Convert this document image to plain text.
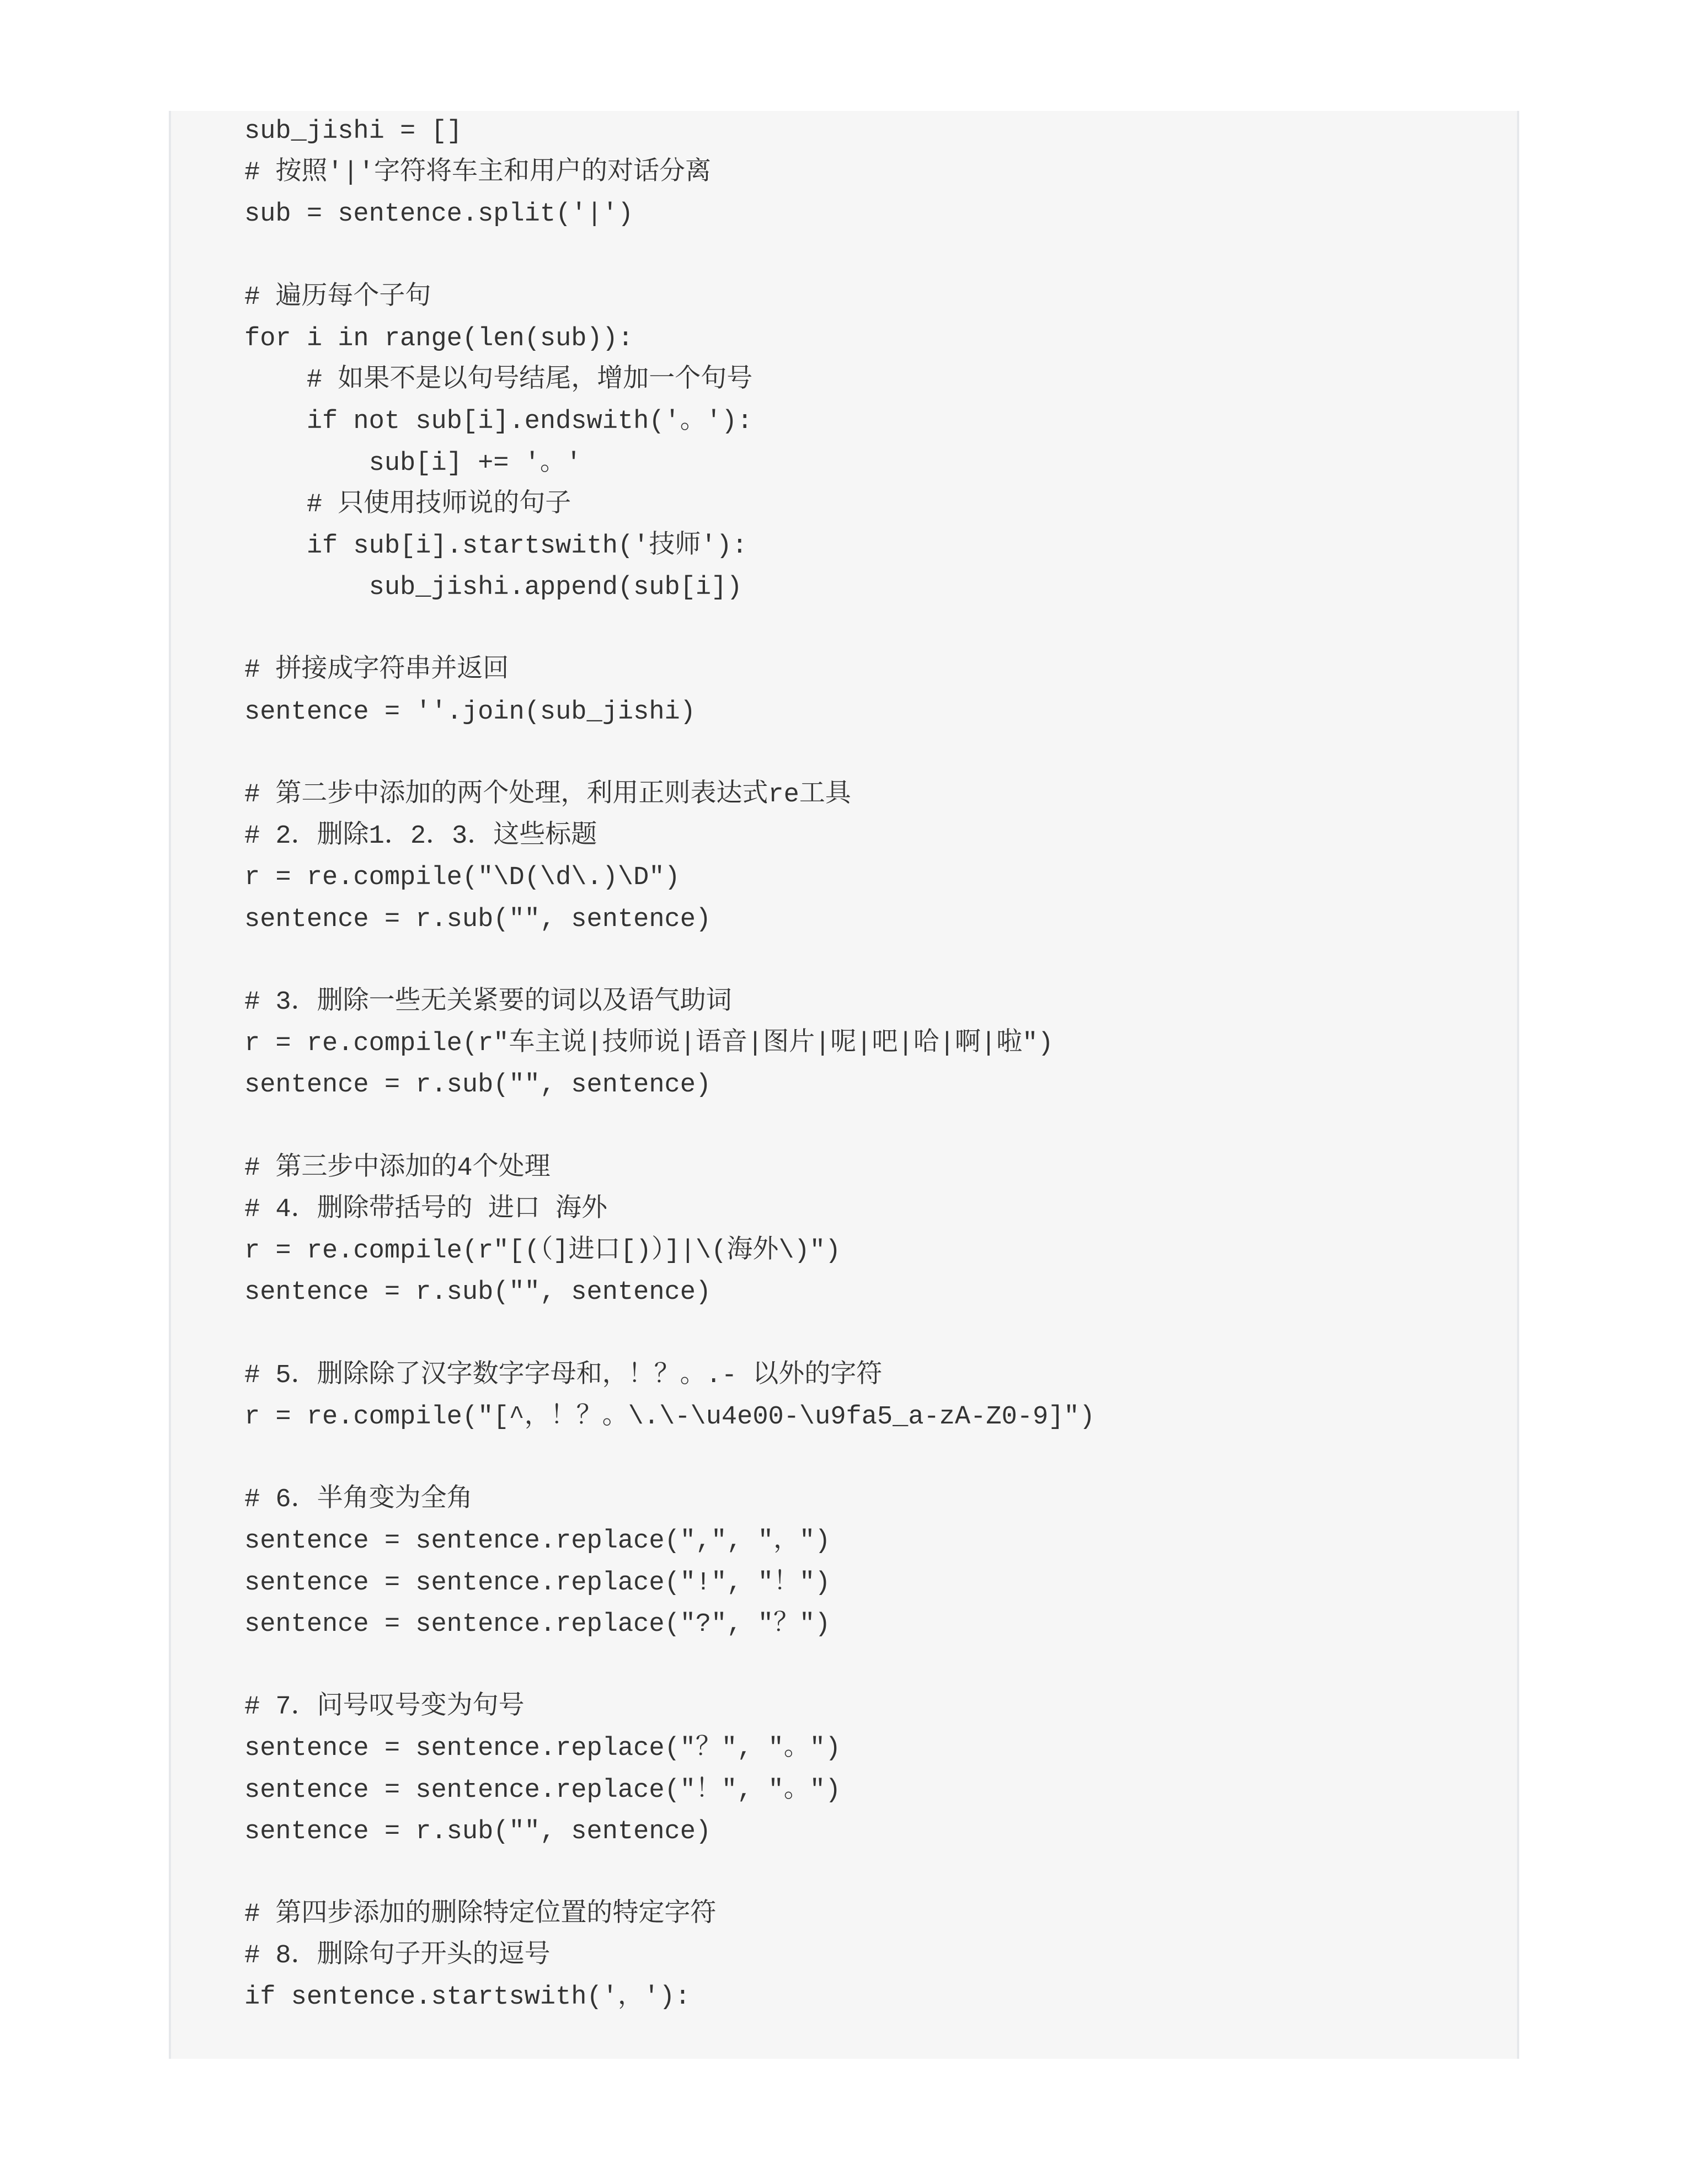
sub_jishi = []
# 按照'|'字符将车主和用户的对话分离
sub = sentence.split('|')
# 遍历每个子句
for i in range(len(sub)):
# 如果不是以句号结尾，增加一个句号
if not sub[i].endswith('。'):
sub[i] += '。'
# 只使用技师说的句子
if sub[i].startswith('技师'):
sub_jishi.append(sub[i])
# 拼接成字符串并返回
sentence = ''.join(sub_jishi)
# 第二步中添加的两个处理，利用正则表达式re工具
# 2．删除1．2．3．这些标题
r = re.compile("\D(\d\.)\D")
sentence = r.sub("", sentence)
# 3．删除一些无关紧要的词以及语气助词
r = re.compile(r"车主说|技师说|语音|图片|呢|吧|哈|啊|啦")
sentence = r.sub("", sentence)
# 第三步中添加的4个处理
# 4．删除带括号的 进口 海外
r = re.compile(r"[(（]进口[)）]|\(海外\)")
sentence = r.sub("", sentence)
# 5．删除除了汉字数字字母和，！？。.- 以外的字符
r = re.compile("[^，！？。\.\-\u4e00-\u9fa5_a-zA-Z0-9]")
# 6．半角变为全角
sentence = sentence.replace(",", "，")
sentence = sentence.replace("!", "！")
sentence = sentence.replace("?", "？")
# 7．问号叹号变为句号
sentence = sentence.replace("？", "。")
sentence = sentence.replace("！", "。")
sentence = r.sub("", sentence)
# 第四步添加的删除特定位置的特定字符
# 8．删除句子开头的逗号
if sentence.startswith('，'):
